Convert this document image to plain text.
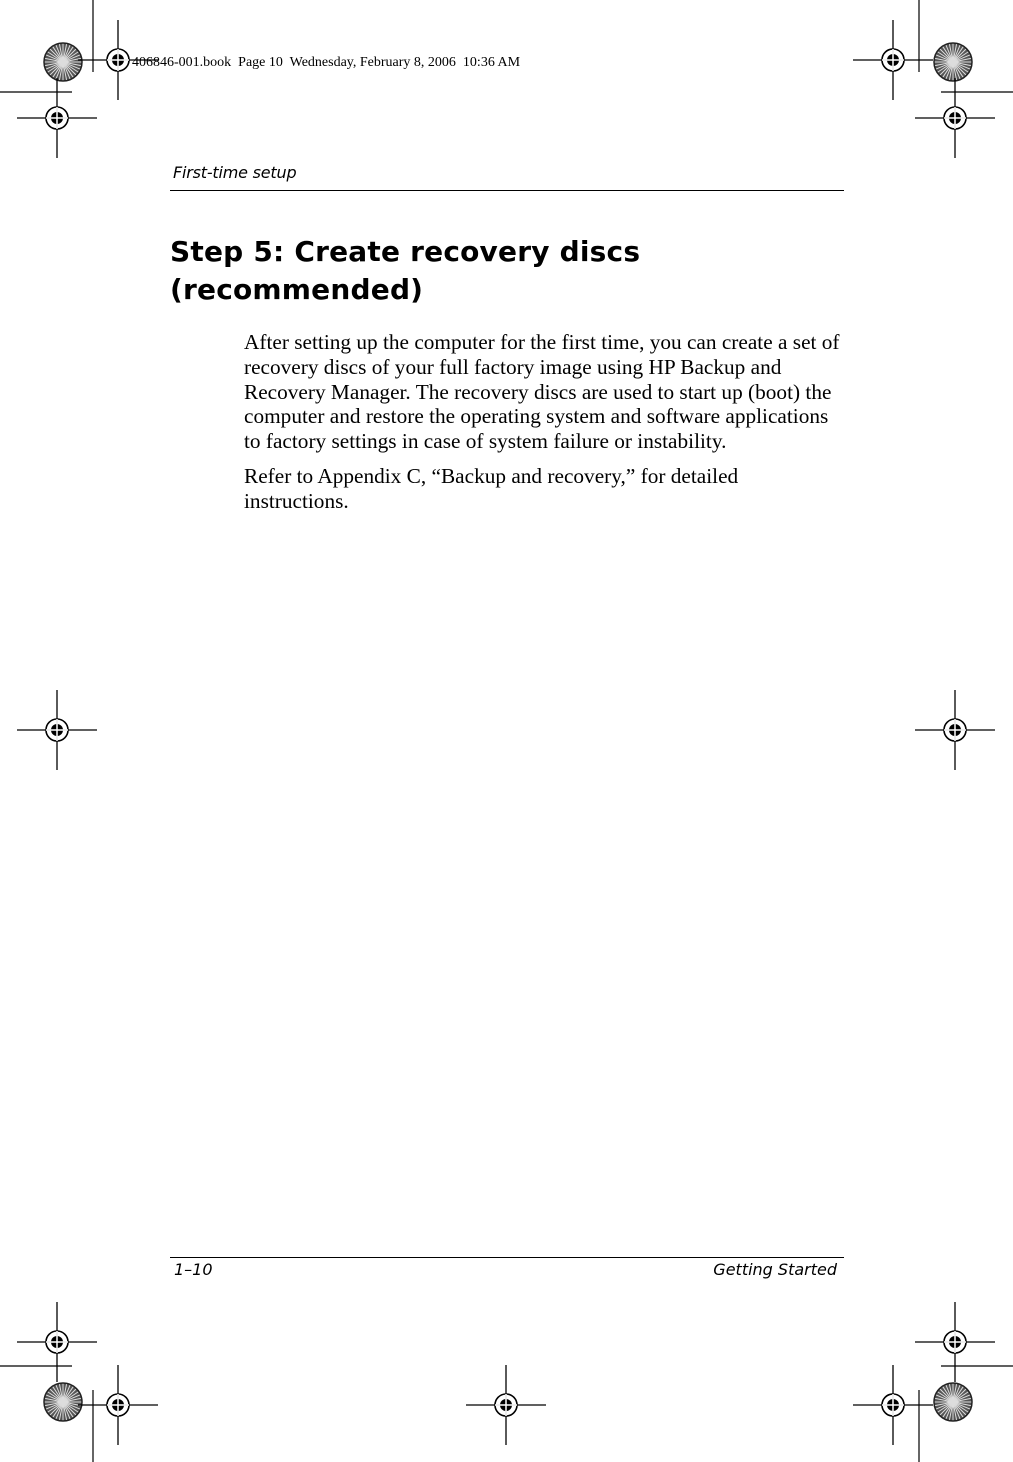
406846-001.book  Page 10  Wednesday, February 8, 2006  10:36 AM
First-time setup
Step 5: Create recovery discs (recommended)

After setting up the computer for the first time, you can create a set of recovery discs of your full factory image using HP Backup and Recovery Manager. The recovery discs are used to start up (boot) the computer and restore the operating system and software applications to factory settings in case of system failure or instability.

Refer to Appendix C, “Backup and recovery,” for detailed instructions.

1–10	Getting Started
